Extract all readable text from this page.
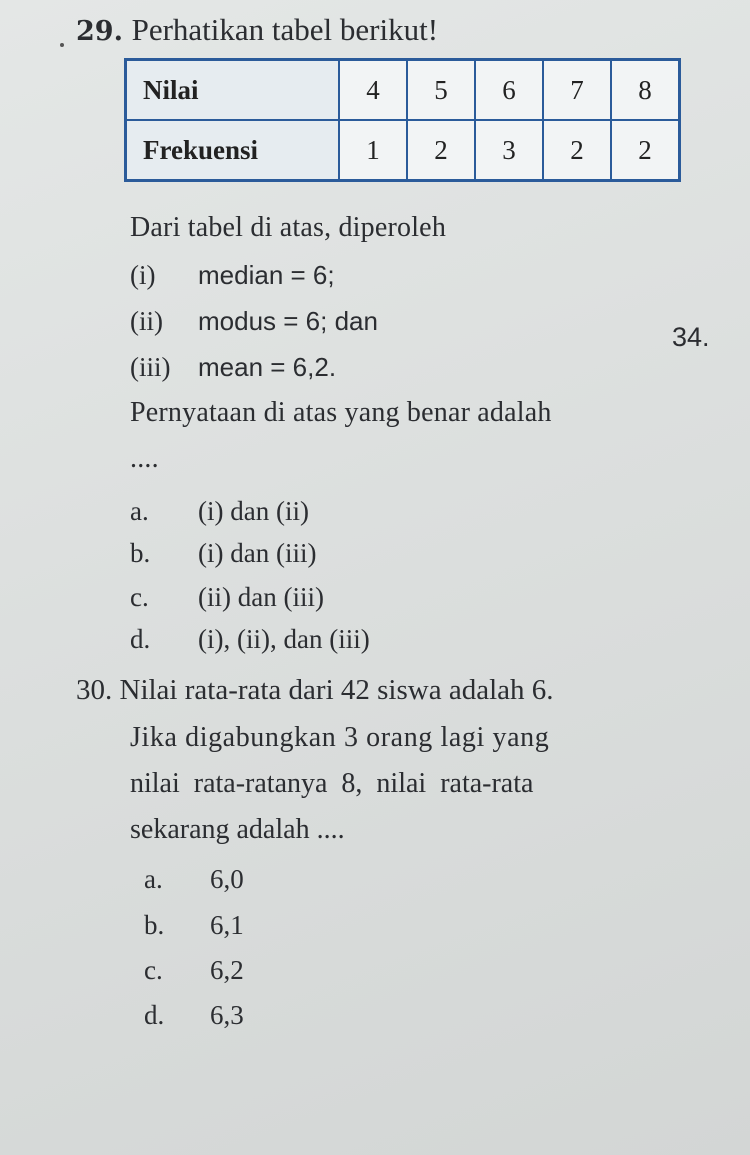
29. Perhatikan tabel berikut!
Nilai	4	5	6	7	8
Frekuensi	1	2	3	2	2
Dari tabel di atas, diperoleh
(i) median = 6;
(ii) modus = 6; dan
(iii) mean = 6,2.
34.
Pernyataan di atas yang benar adalah
....
a. (i) dan (ii)
b. (i) dan (iii)
c. (ii) dan (iii)
d. (i), (ii), dan (iii)
30. Nilai rata-rata dari 42 siswa adalah 6.
Jika digabungkan 3 orang lagi yang
nilai  rata-ratanya  8,  nilai  rata-rata
sekarang adalah ....
a. 6,0
b. 6,1
c. 6,2
d. 6,3
